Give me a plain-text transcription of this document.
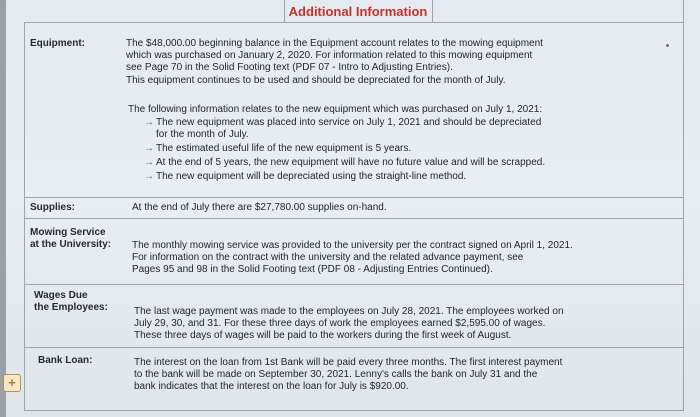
Additional Information
Equipment:	The $48,000.00 beginning balance in the Equipment account relates to the mowing equipment
which was purchased on January 2, 2020. For information related to this mowing equipment
see Page 70 in the Solid Footing text (PDF 07 - Intro to Adjusting Entries).
This equipment continues to be used and should be depreciated for the month of July.
The following information relates to the new equipment which was purchased on July 1, 2021:
→ The new equipment was placed into service on July 1, 2021 and should be depreciated
for the month of July.
→ The estimated useful life of the new equipment is 5 years.
→ At the end of 5 years, the new equipment will have no future value and will be scrapped.
→ The new equipment will be depreciated using the straight-line method.
Supplies:	At the end of July there are $27,780.00 supplies on-hand.
Mowing Service
at the University: The monthly mowing service was provided to the university per the contract signed on April 1, 2021.
For information on the contract with the university and the related advance payment, see
Pages 95 and 98 in the Solid Footing text (PDF 08 - Adjusting Entries Continued).
Wages Due
the Employees:	The last wage payment was made to the employees on July 28, 2021. The employees worked on
July 29, 30, and 31. For these three days of work the employees earned $2,595.00 of wages.
These three days of wages will be paid to the workers during the first week of August.
Bank Loan:	The interest on the loan from 1st Bank will be paid every three months. The first interest payment
to the bank will be made on September 30, 2021. Lenny's calls the bank on July 31 and the
bank indicates that the interest on the loan for July is $920.00.
+
